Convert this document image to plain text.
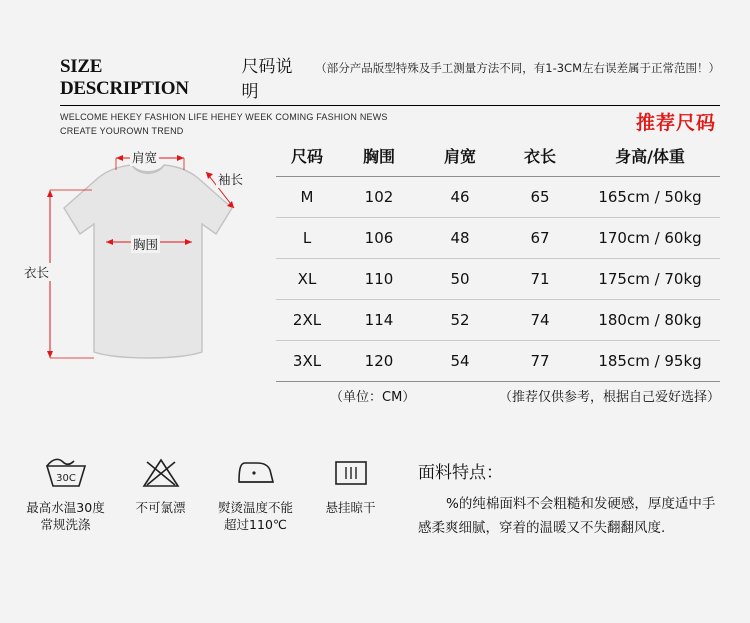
SIZE DESCRIPTION
尺码说明
（部分产品版型特殊及手工测量方法不同，有1-3CM左右误差属于正常范围！）
WELCOME HEKEY FASHION LIFE HEHEY WEEK COMING FASHION NEWS
CREATE YOUROWN TREND	推荐尺码
肩宽
袖长
胸围
衣长
尺码	胸围	肩宽	衣长	身高/体重
M	102	46	65	165cm / 50kg
L	106	48	67	170cm / 60kg
XL	110	50	71	175cm / 70kg
2XL	114	52	74	180cm / 80kg
3XL	120	54	77	185cm / 95kg
（单位：CM）	（推荐仅供参考，根据自己爱好选择）
30C
最高水温30度
常规洗涤
不可氯漂	熨烫温度不能
超过110℃
悬挂晾干
面料特点：
%的纯棉面料不会粗糙和发硬感，厚度适中手感柔爽细腻，穿着的温暖又不失翻翻风度.
